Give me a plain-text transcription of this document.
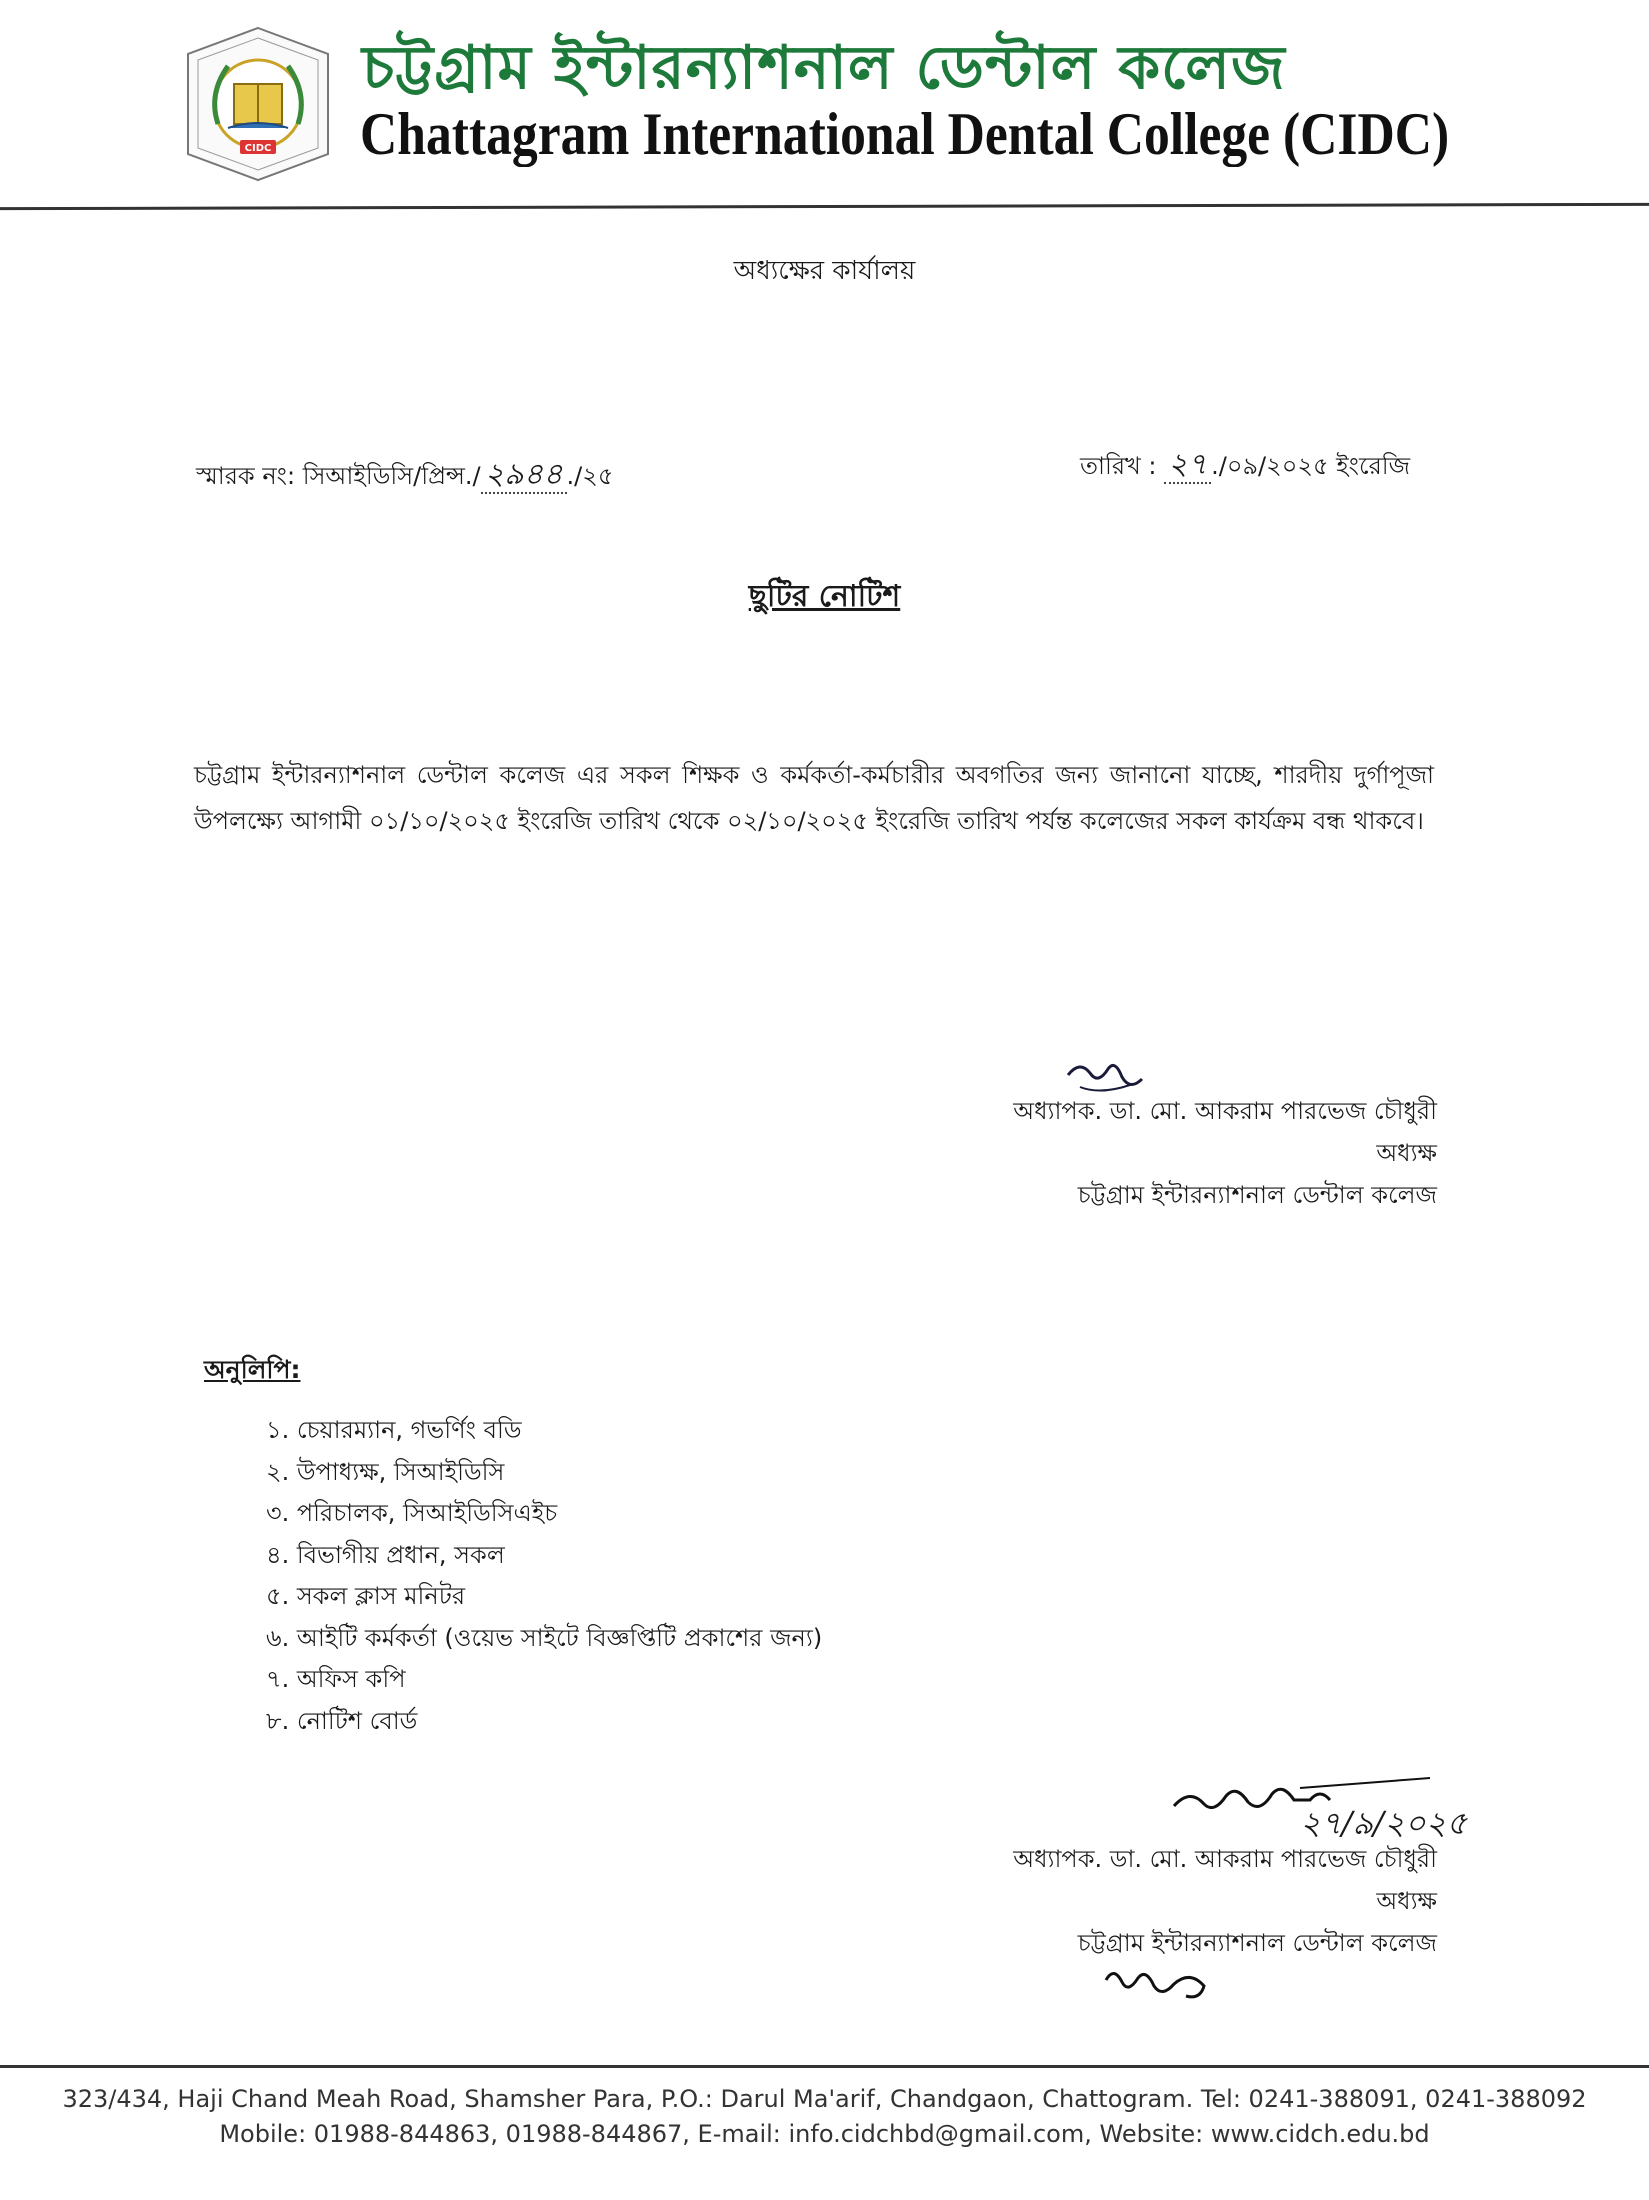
CIDC
চট্টগ্রাম ইন্টারন্যাশনাল ডেন্টাল কলেজ
Chattagram International Dental College (CIDC)
অধ্যক্ষের কার্যালয়
স্মারক নং: সিআইডিসি/প্রিন্স./ ২৯৪৪ ./২৫	তারিখ : ২৭ ./০৯/২০২৫ ইংরেজি
ছুটির নোটিশ
চট্টগ্রাম ইন্টারন্যাশনাল ডেন্টাল কলেজ এর সকল শিক্ষক ও কর্মকর্তা-কর্মচারীর অবগতির জন্য জানানো যাচ্ছে, শারদীয় দুর্গাপূজা উপলক্ষ্যে আগামী ০১/১০/২০২৫ ইংরেজি তারিখ থেকে ০২/১০/২০২৫ ইংরেজি তারিখ পর্যন্ত কলেজের সকল কার্যক্রম বন্ধ থাকবে।
অধ্যাপক. ডা. মো. আকরাম পারভেজ চৌধুরী
অধ্যক্ষ
চট্টগ্রাম ইন্টারন্যাশনাল ডেন্টাল কলেজ
অনুলিপি:
১. চেয়ারম্যান, গভর্ণিং বডি
২. উপাধ্যক্ষ, সিআইডিসি
৩. পরিচালক, সিআইডিসিএইচ
৪. বিভাগীয় প্রধান, সকল
৫. সকল ক্লাস মনিটর
৬. আইটি কর্মকর্তা (ওয়েভ সাইটে বিজ্ঞপ্তিটি প্রকাশের জন্য)
৭. অফিস কপি
৮. নোটিশ বোর্ড
২৭/৯/২০২৫
অধ্যাপক. ডা. মো. আকরাম পারভেজ চৌধুরী
অধ্যক্ষ
চট্টগ্রাম ইন্টারন্যাশনাল ডেন্টাল কলেজ
323/434, Haji Chand Meah Road, Shamsher Para, P.O.: Darul Ma'arif, Chandgaon, Chattogram. Tel: 0241-388091, 0241-388092
Mobile: 01988-844863, 01988-844867, E-mail: info.cidchbd@gmail.com, Website: www.cidch.edu.bd
